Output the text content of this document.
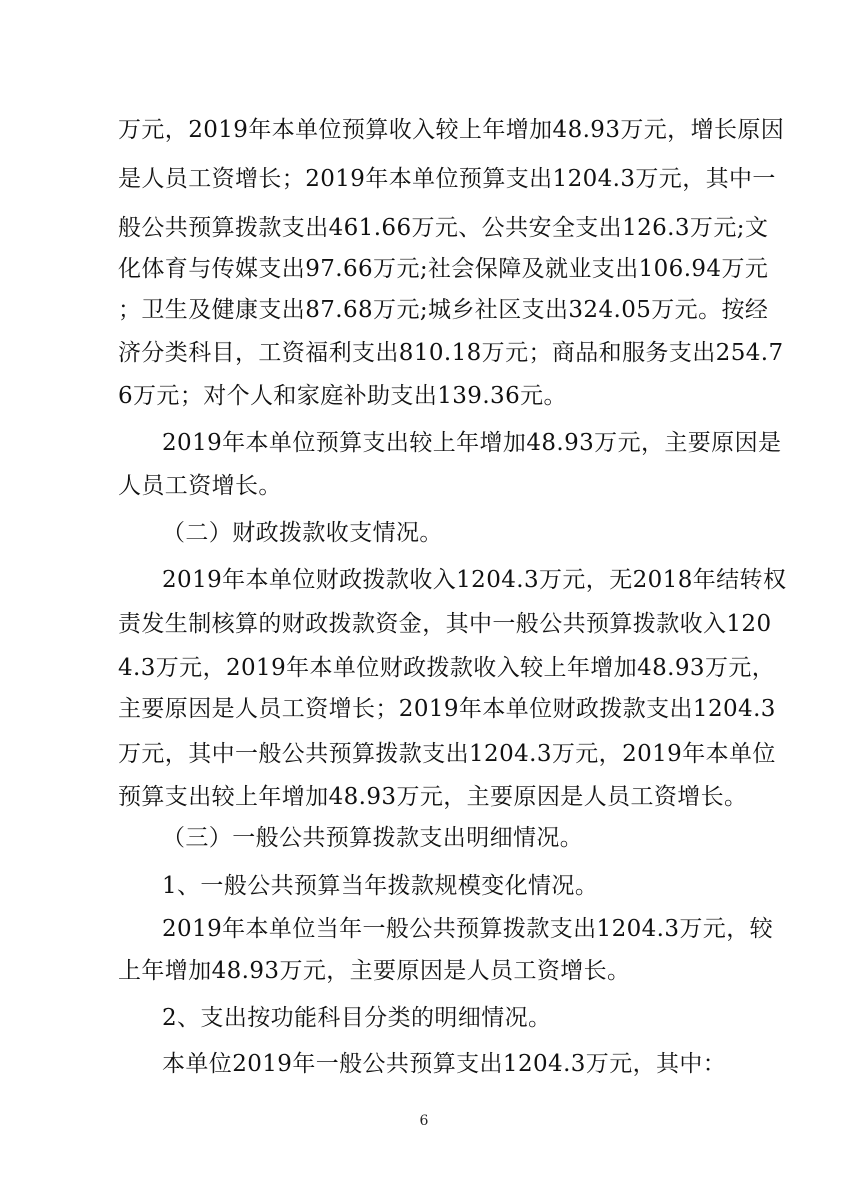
万元，2019年本单位预算收入较上年增加48.93万元，增长原因
是人员工资增长；2019年本单位预算支出1204.3万元，其中一
般公共预算拨款支出461.66万元、公共安全支出126.3万元;文
化体育与传媒支出97.66万元;社会保障及就业支出106.94万元
；卫生及健康支出87.68万元;城乡社区支出324.05万元。按经
济分类科目，工资福利支出810.18万元；商品和服务支出254.7
6万元；对个人和家庭补助支出139.36元。
2019年本单位预算支出较上年增加48.93万元，主要原因是
人员工资增长。
（二）财政拨款收支情况。
2019年本单位财政拨款收入1204.3万元，无2018年结转权
责发生制核算的财政拨款资金，其中一般公共预算拨款收入120
4.3万元，2019年本单位财政拨款收入较上年增加48.93万元，
主要原因是人员工资增长；2019年本单位财政拨款支出1204.3
万元，其中一般公共预算拨款支出1204.3万元，2019年本单位
预算支出较上年增加48.93万元，主要原因是人员工资增长。
（三）一般公共预算拨款支出明细情况。
1、一般公共预算当年拨款规模变化情况。
2019年本单位当年一般公共预算拨款支出1204.3万元，较
上年增加48.93万元，主要原因是人员工资增长。
2、支出按功能科目分类的明细情况。
本单位2019年一般公共预算支出1204.3万元，其中：
6
